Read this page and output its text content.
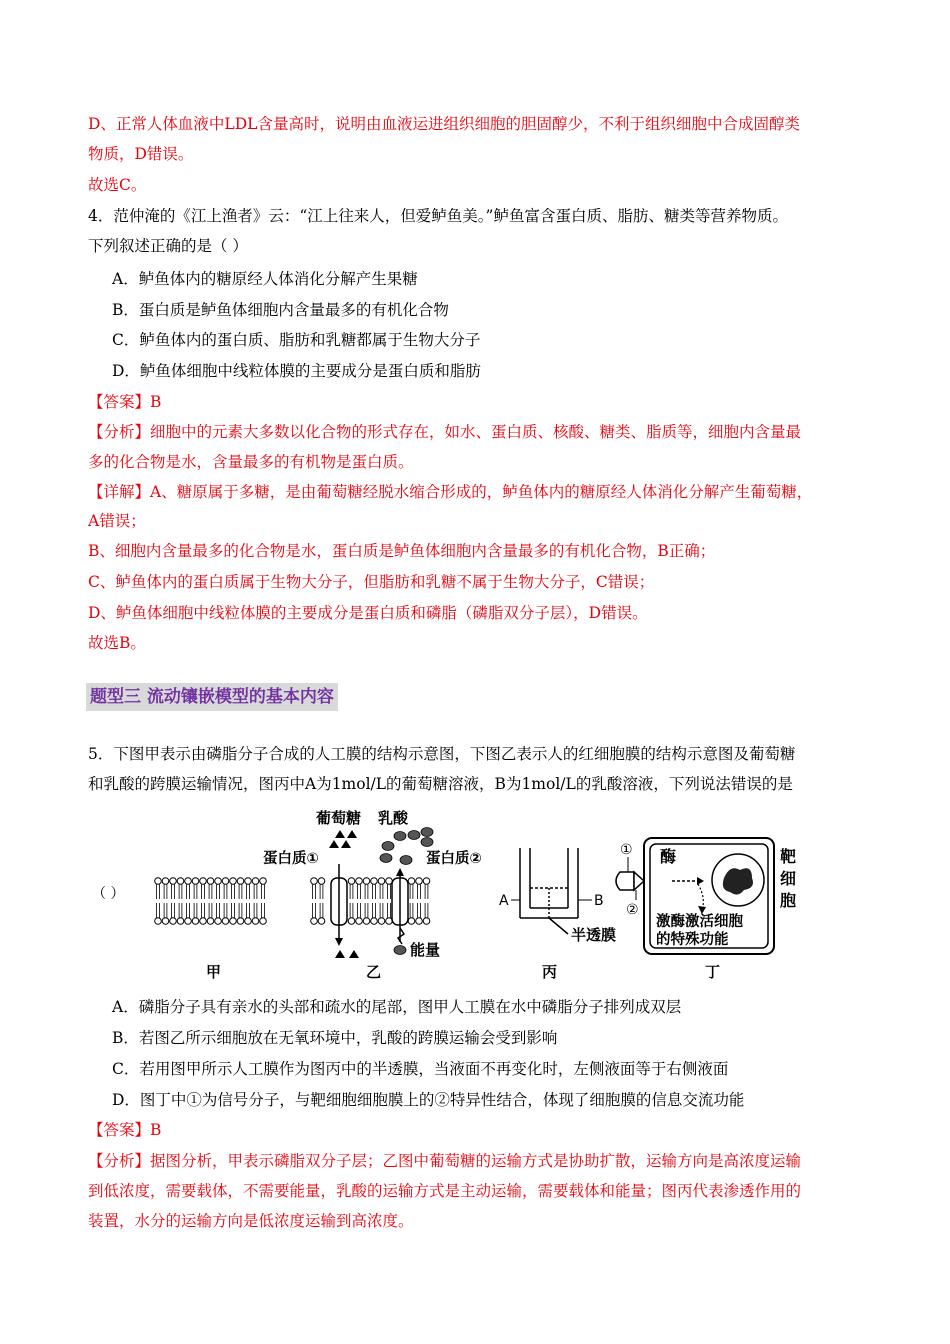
D、正常人体血液中LDL含量高时，说明由血液运进组织细胞的胆固醇少，不利于组织细胞中合成固醇类
物质，D错误。
故选C。
4．范仲淹的《江上渔者》云：“江上往来人，但爱鲈鱼美。”鲈鱼富含蛋白质、脂肪、糖类等营养物质。
下列叙述正确的是（ ）
A．鲈鱼体内的糖原经人体消化分解产生果糖
B．蛋白质是鲈鱼体细胞内含量最多的有机化合物
C．鲈鱼体内的蛋白质、脂肪和乳糖都属于生物大分子
D．鲈鱼体细胞中线粒体膜的主要成分是蛋白质和脂肪
【答案】B
【分析】细胞中的元素大多数以化合物的形式存在，如水、蛋白质、核酸、糖类、脂质等，细胞内含量最
多的化合物是水，含量最多的有机物是蛋白质。
【详解】A、糖原属于多糖，是由葡萄糖经脱水缩合形成的，鲈鱼体内的糖原经人体消化分解产生葡萄糖，
A错误；
B、细胞内含量最多的化合物是水，蛋白质是鲈鱼体细胞内含量最多的有机化合物，B正确；
C、鲈鱼体内的蛋白质属于生物大分子，但脂肪和乳糖不属于生物大分子，C错误；
D、鲈鱼体细胞中线粒体膜的主要成分是蛋白质和磷脂（磷脂双分子层），D错误。
故选B。
题型三 流动镶嵌模型的基本内容
5．下图甲表示由磷脂分子合成的人工膜的结构示意图，下图乙表示人的红细胞膜的结构示意图及葡萄糖
和乳酸的跨膜运输情况，图丙中A为1mol/L的葡萄糖溶液，B为1mol/L的乳酸溶液，下列说法错误的是
（ ）
甲
葡萄糖 乳酸
蛋白质①	蛋白质②
能量
乙
A	B
半透膜
丙
①
②
酶
激酶激活细胞
的特殊功能
靶
细
胞
丁
A．磷脂分子具有亲水的头部和疏水的尾部，图甲人工膜在水中磷脂分子排列成双层
B．若图乙所示细胞放在无氧环境中，乳酸的跨膜运输会受到影响
C．若用图甲所示人工膜作为图丙中的半透膜，当液面不再变化时，左侧液面等于右侧液面
D．图丁中①为信号分子，与靶细胞细胞膜上的②特异性结合，体现了细胞膜的信息交流功能
【答案】B
【分析】据图分析，甲表示磷脂双分子层；乙图中葡萄糖的运输方式是协助扩散，运输方向是高浓度运输
到低浓度，需要载体，不需要能量，乳酸的运输方式是主动运输，需要载体和能量；图丙代表渗透作用的
装置，水分的运输方向是低浓度运输到高浓度。
